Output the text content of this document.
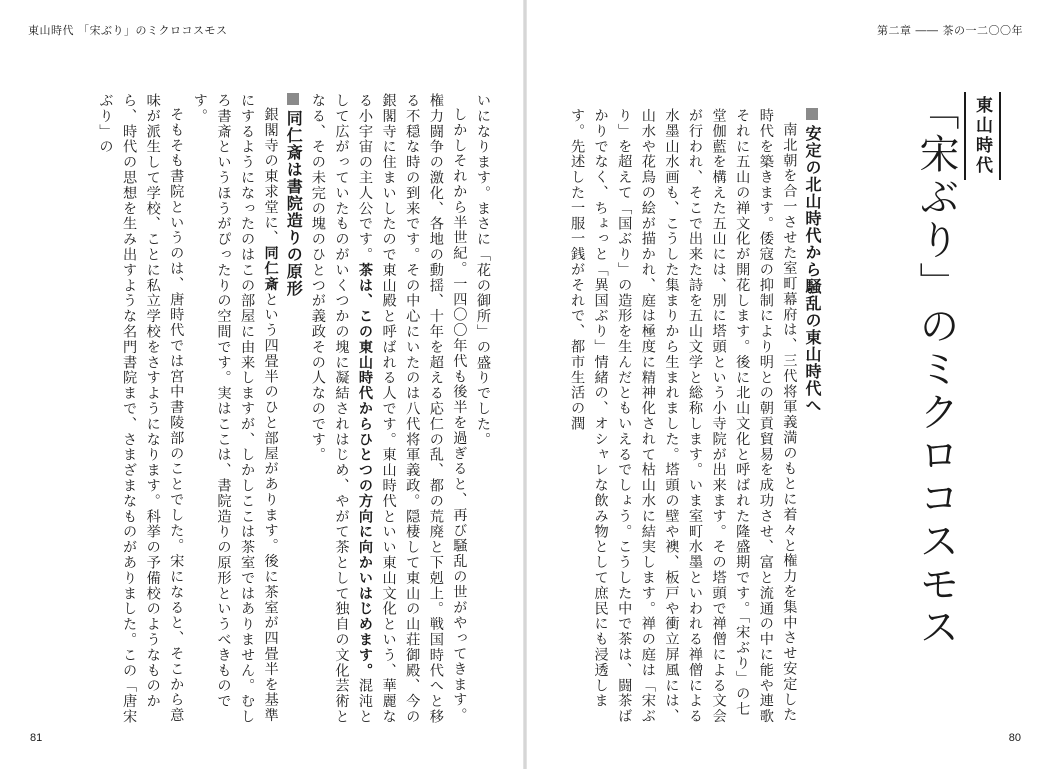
東山時代 「宋ぶり」のミクロコスモス

いになります。まさに「花の御所」の盛りでした。

しかしそれから半世紀。一四〇〇年代も後半を過ぎると、再び騒乱の世がやってきます。権力闘争の激化、各地の動揺、十年を超える応仁の乱、都の荒廃と下剋上。戦国時代へと移る不穏な時の到来です。その中心にいたのは八代将軍義政。隠棲して東山の山荘御殿、今の銀閣寺に住まいしたので東山殿と呼ばれる人です。東山時代といい東山文化という、華麗なる小宇宙の主人公です。茶は、この東山時代からひとつの方向に向かいはじめます。混沌として広がっていたものがいくつかの塊に凝結されはじめ、やがて茶として独自の文化芸術となる、その未完の塊のひとつが義政その人なのです。

同仁斎は書院造りの原形

銀閣寺の東求堂に、同仁斎という四畳半のひと部屋があります。後に茶室が四畳半を基準にするようになったのはこの部屋に由来しますが、しかしここは茶室ではありません。むしろ書斎というほうがぴったりの空間です。実はここは、書院造りの原形というべきものです。

そもそも書院というのは、唐時代では宮中書陵部のことでした。宋になると、そこから意味が派生して学校、ことに私立学校をさすようになります。科挙の予備校のようなものから、時代の思想を生み出すような名門書院まで、さまざまなものがありました。この「唐宋ぶり」の

81
第二章 ―― 茶の一二〇〇年
東山時代
「宋ぶり」のミクロコスモス

安定の北山時代から騒乱の東山時代へ

南北朝を合一させた室町幕府は、三代将軍義満のもとに着々と権力を集中させ安定した時代を築きます。倭寇の抑制により明との朝貢貿易を成功させ、富と流通の中に能や連歌それに五山の禅文化が開花します。後に北山文化と呼ばれた隆盛期です。「宋ぶり」の七堂伽藍を構えた五山には、別に塔頭という小寺院が出来ます。その塔頭で禅僧による文会が行われ、そこで出来た詩を五山文学と総称します。いま室町水墨といわれる禅僧による水墨山水画も、こうした集まりから生まれました。塔頭の壁や襖、板戸や衝立屏風には、山水や花鳥の絵が描かれ、庭は極度に精神化されて枯山水に結実します。禅の庭は「宋ぶり」を超えて「国ぶり」の造形を生んだともいえるでしょう。こうした中で茶は、闘茶ばかりでなく、ちょっと「異国ぶり」情緒の、オシャレな飲み物として庶民にも浸透します。先述した一服一銭がそれで、都市生活の潤

80
